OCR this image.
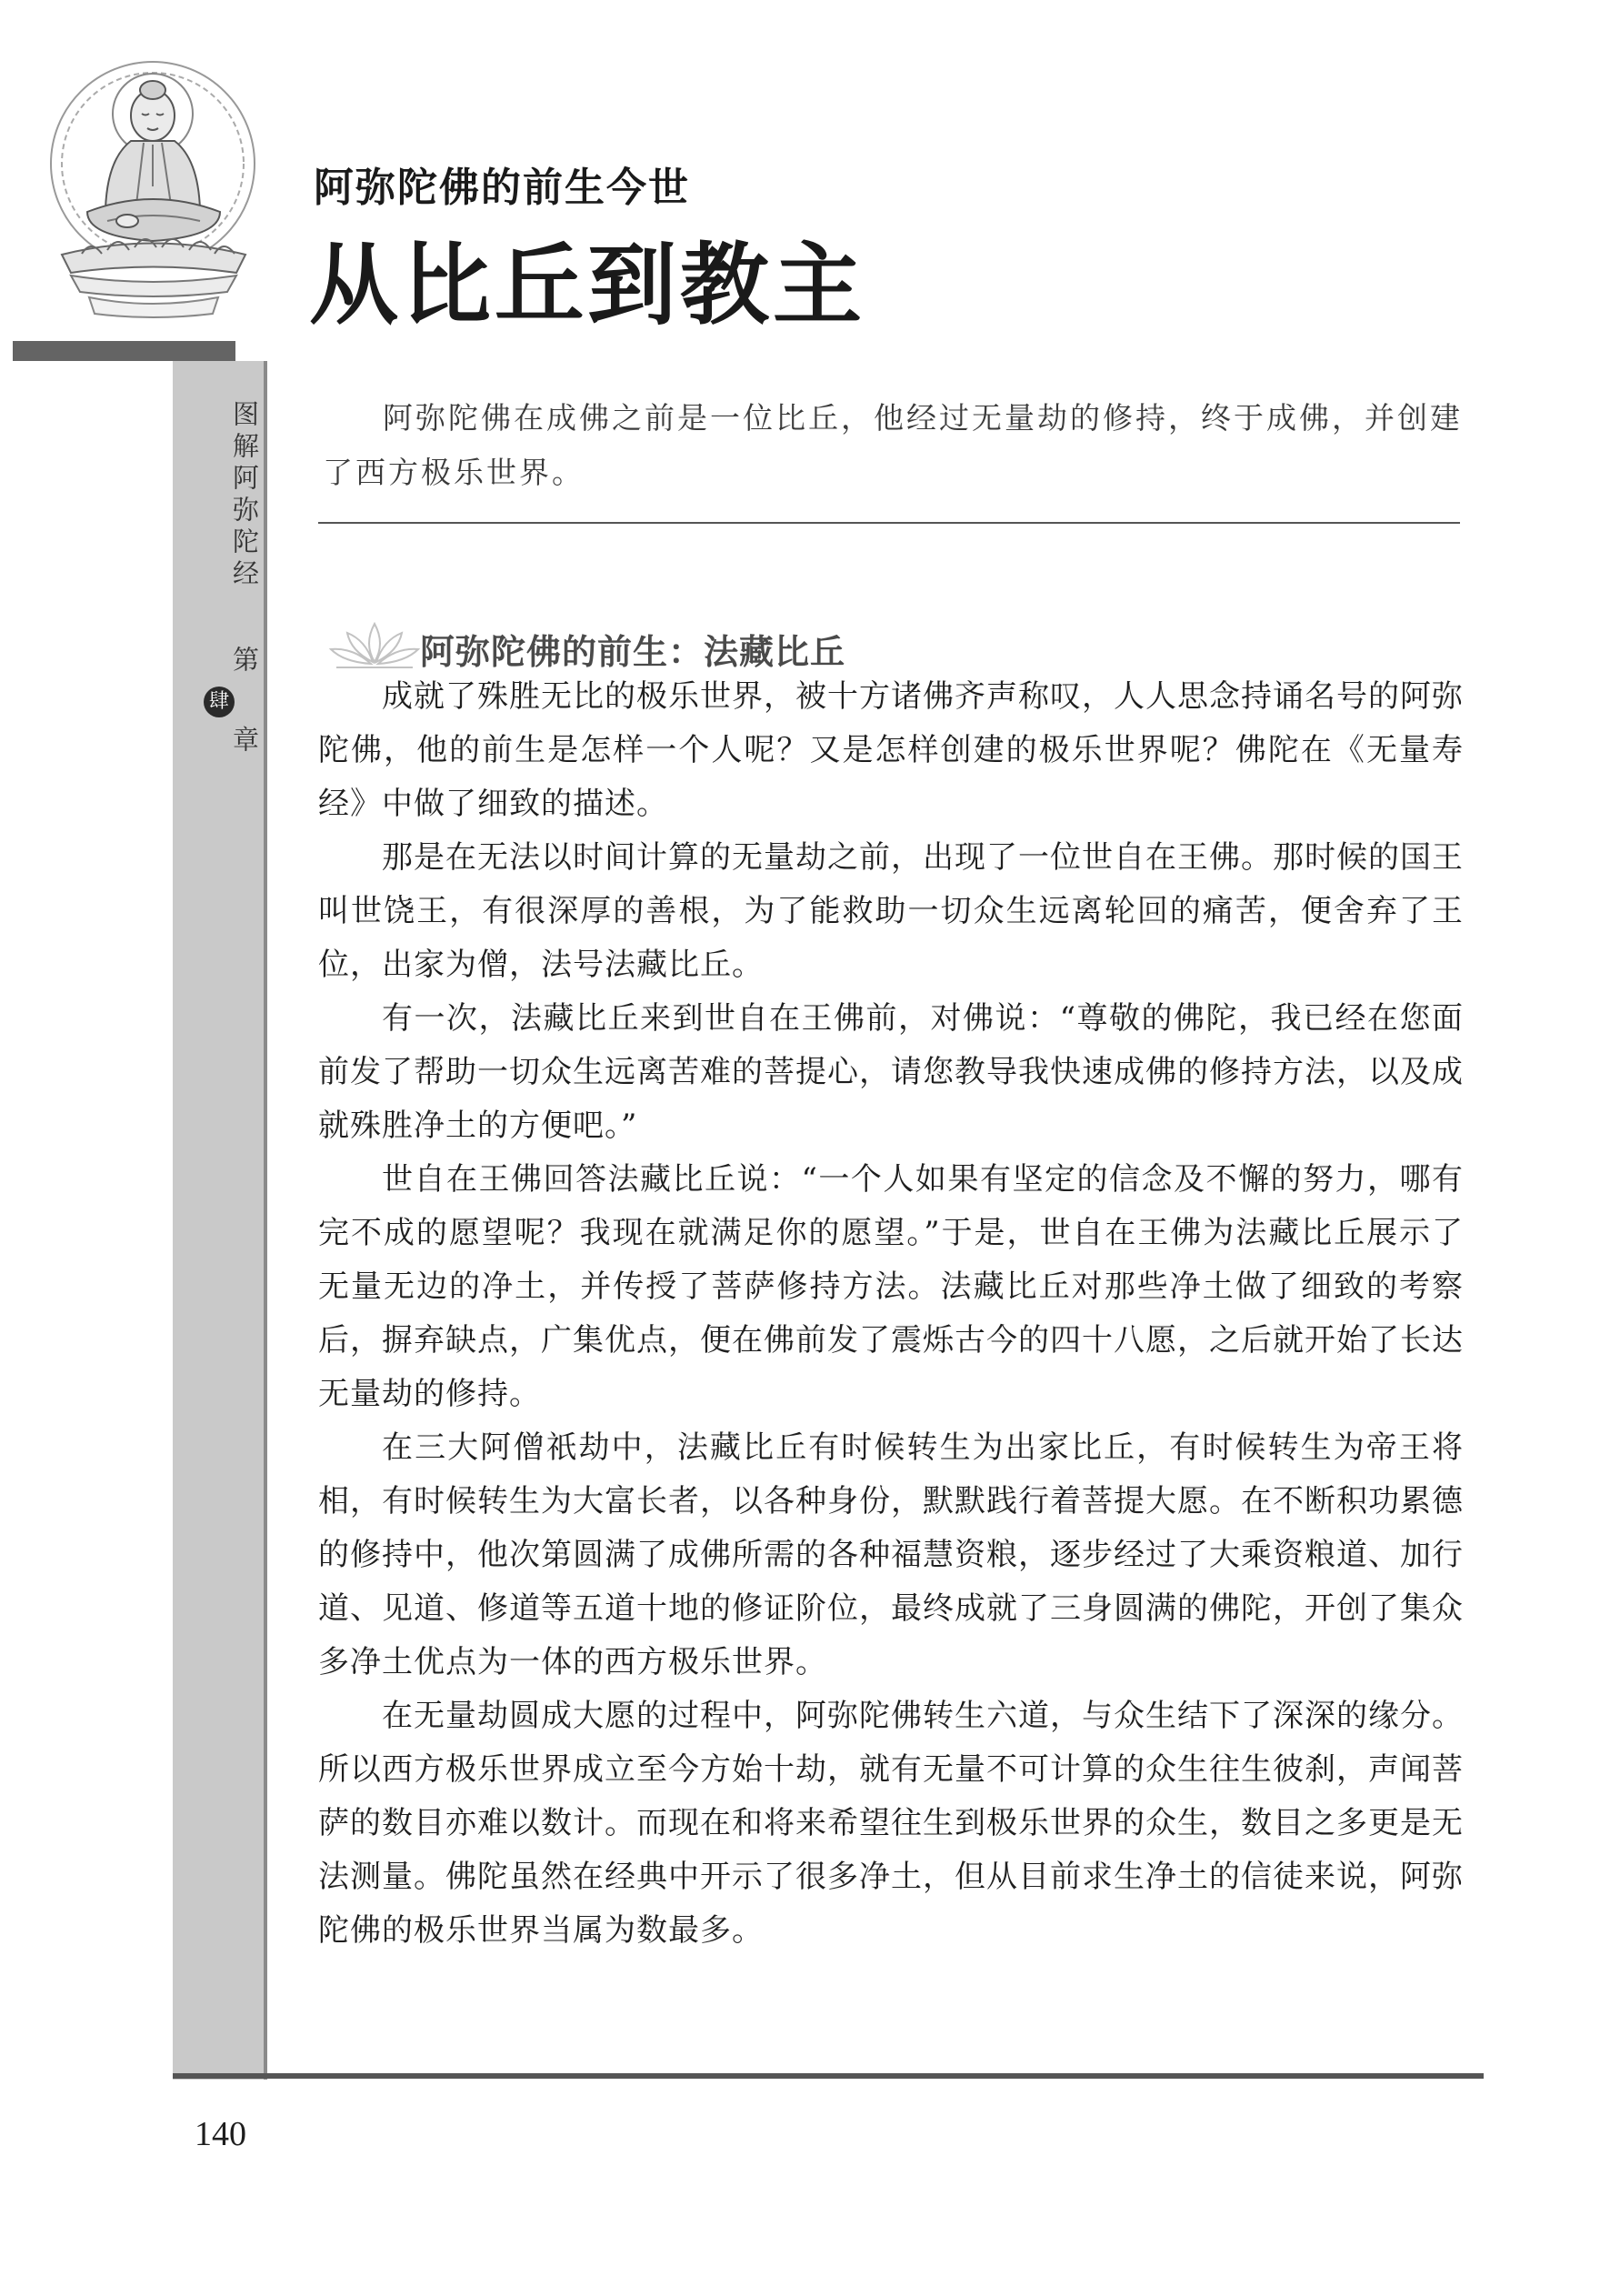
阿弥陀佛的前生今世
从比丘到教主
图解阿弥陀经
第
肆
章

阿弥陀佛在成佛之前是一位比丘，他经过无量劫的修持，终于成佛，并创建了西方极乐世界。

阿弥陀佛的前生：法藏比丘

成就了殊胜无比的极乐世界，被十方诸佛齐声称叹，人人思念持诵名号的阿弥陀佛，他的前生是怎样一个人呢？又是怎样创建的极乐世界呢？佛陀在《无量寿经》中做了细致的描述。

那是在无法以时间计算的无量劫之前，出现了一位世自在王佛。那时候的国王叫世饶王，有很深厚的善根，为了能救助一切众生远离轮回的痛苦，便舍弃了王位，出家为僧，法号法藏比丘。

有一次，法藏比丘来到世自在王佛前，对佛说：“尊敬的佛陀，我已经在您面前发了帮助一切众生远离苦难的菩提心，请您教导我快速成佛的修持方法，以及成就殊胜净土的方便吧。”

世自在王佛回答法藏比丘说：“一个人如果有坚定的信念及不懈的努力，哪有完不成的愿望呢？我现在就满足你的愿望。”于是，世自在王佛为法藏比丘展示了无量无边的净土，并传授了菩萨修持方法。法藏比丘对那些净土做了细致的考察后，摒弃缺点，广集优点，便在佛前发了震烁古今的四十八愿，之后就开始了长达无量劫的修持。

在三大阿僧祇劫中，法藏比丘有时候转生为出家比丘，有时候转生为帝王将相，有时候转生为大富长者，以各种身份，默默践行着菩提大愿。在不断积功累德的修持中，他次第圆满了成佛所需的各种福慧资粮，逐步经过了大乘资粮道、加行道、见道、修道等五道十地的修证阶位，最终成就了三身圆满的佛陀，开创了集众多净土优点为一体的西方极乐世界。

在无量劫圆成大愿的过程中，阿弥陀佛转生六道，与众生结下了深深的缘分。所以西方极乐世界成立至今方始十劫，就有无量不可计算的众生往生彼刹，声闻菩萨的数目亦难以数计。而现在和将来希望往生到极乐世界的众生，数目之多更是无法测量。佛陀虽然在经典中开示了很多净土，但从目前求生净土的信徒来说，阿弥陀佛的极乐世界当属为数最多。

140
